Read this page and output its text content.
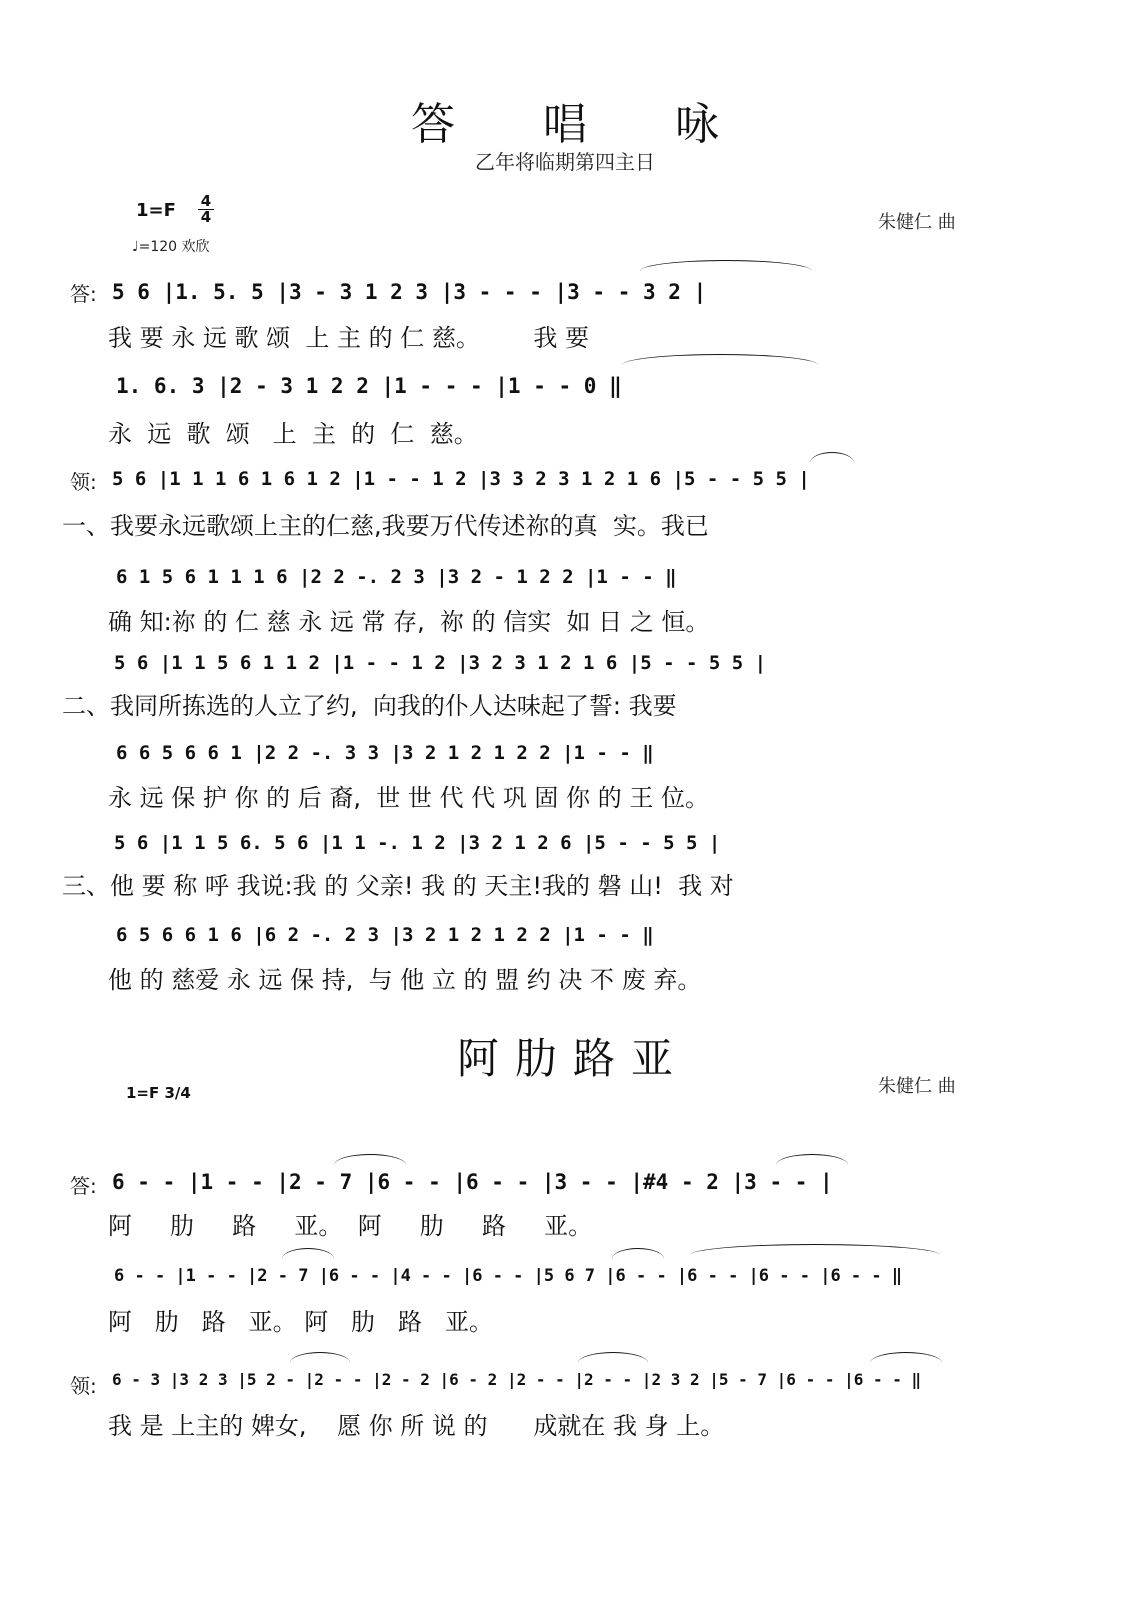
答 唱 咏
乙年将临期第四主日
$1=F \frac{4}{4}$
♩=120 欢欣
朱健仁 曲
答: 5 6 |1. 5. 5 |3 - 3 1 2 3 |3 - - - |3 - - 3 2 |
我 要 永 远 歌 颂  上 主 的 仁 慈。       我 要
1. 6. 3 |2 - 3 1 2 2 |1 - - - |1 - - 0 ‖
永  远  歌  颂   上  主  的  仁  慈。
领: 5 6 |1 1 1 6 1 6 1 2 |1 - - 1 2 |3 3 2 3 1 2 1 6 |5 - - 5 5 |
一、我要永远歌颂上主的仁慈,我要万代传述祢的真  实。我已
6 1 5 6 1 1 1 6 |2 2 -. 2 3 |3 2 - 1 2 2 |1 - - ‖
确 知:祢 的 仁 慈 永 远 常 存,  祢 的 信实  如 日 之 恒。
5 6 |1 1 5 6 1 1 2 |1 - - 1 2 |3 2 3 1 2 1 6 |5 - - 5 5 |
二、我同所拣选的人立了约,  向我的仆人达味起了誓: 我要
6 6 5 6 6 1 |2 2 -. 3 3 |3 2 1 2 1 2 2 |1 - - ‖
永 远 保 护 你 的 后 裔,  世 世 代 代 巩 固 你 的 王 位。
5 6 |1 1 5 6. 5 6 |1 1 -. 1 2 |3 2 1 2 6 |5 - - 5 5 |
三、他 要 称 呼 我说:我 的 父亲! 我 的 天主!我的 磐 山!  我 对
6 5 6 6 1 6 |6 2 -. 2 3 |3 2 1 2 1 2 2 |1 - - ‖
他 的 慈爱 永 远 保 持,  与 他 立 的 盟 约 决 不 废 弃。
阿 肋 路 亚
朱健仁 曲
1=F 3/4
答: 6 - - |1 - - |2 - 7 |6 - - |6 - - |3 - - |#4 - 2 |3 - - |
阿     肋     路     亚。  阿     肋     路     亚。
6 - - |1 - - |2 - 7 |6 - - |4 - - |6 - - |5 6 7 |6 - - |6 - - |6 - - |6 - - ‖
阿   肋   路   亚。 阿   肋   路   亚。
领: 6 - 3 |3 2 3 |5 2 - |2 - - |2 - 2 |6 - 2 |2 - - |2 - - |2 3 2 |5 - 7 |6 - - |6 - - ‖
我 是 上主的 婢女,    愿 你 所 说 的      成就在 我 身 上。
